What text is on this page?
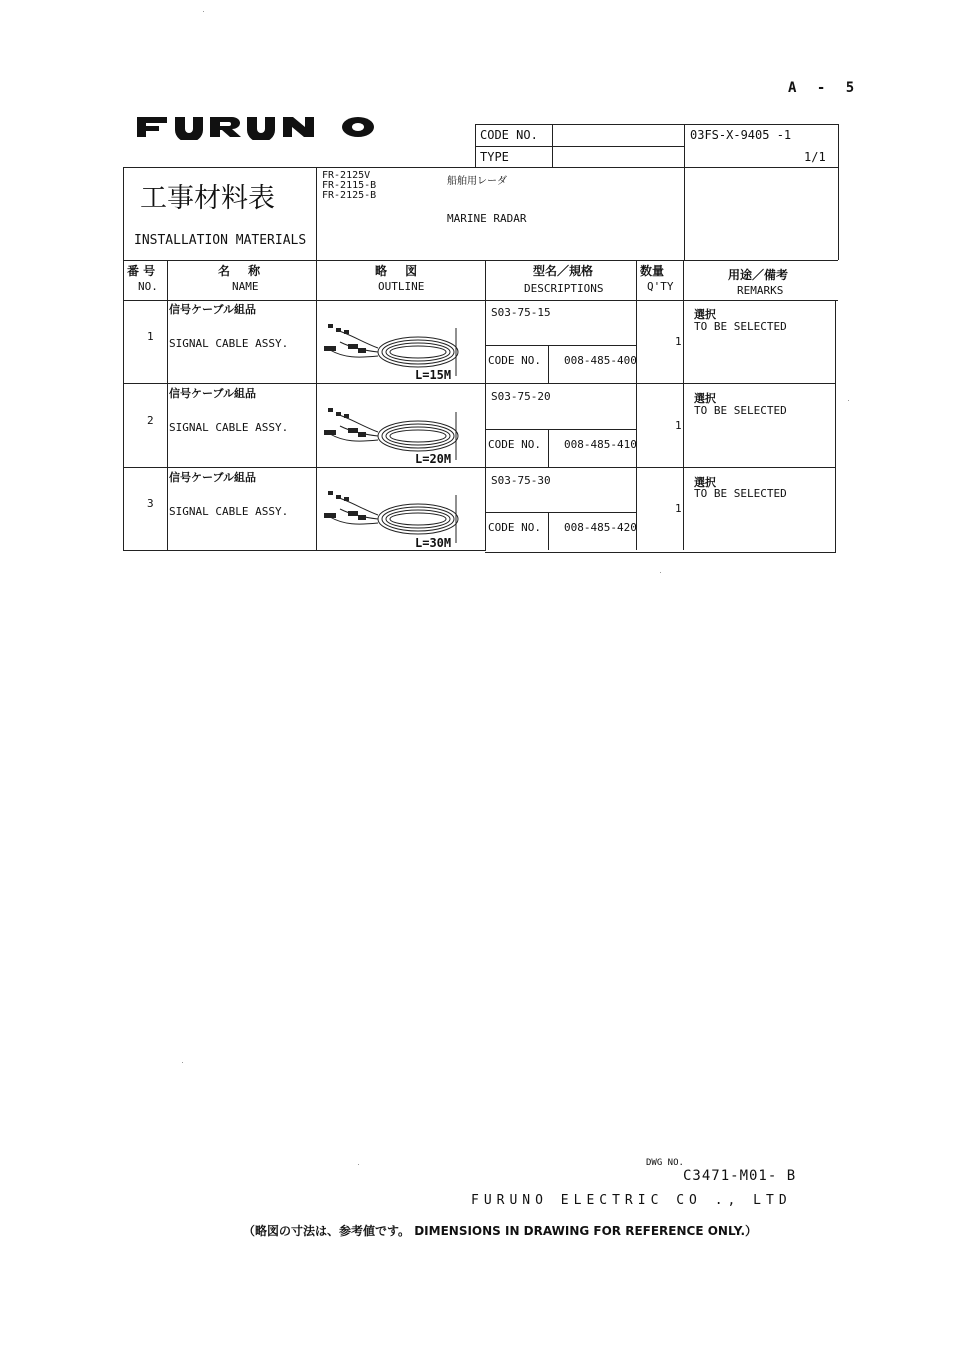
A - 5
FURUNO
CODE NO.
TYPE
03FS-X-9405 -1
1/1
工事材料表
INSTALLATION MATERIALS
FR-2125V
FR-2115-B
FR-2125-B
船舶用レーダ
MARINE RADAR
番 号
NO.
名 称
NAME
略 図
OUTLINE
型名／規格
DESCRIPTIONS
数量
Q'TY
用途／備考
REMARKS
1
信号ケーブル組品
SIGNAL CABLE ASSY.
L=15M
S03-75-15
CODE NO. 008-485-400
1
選択
TO BE SELECTED
2
信号ケーブル組品
SIGNAL CABLE ASSY.
L=20M
S03-75-20
CODE NO. 008-485-410
1
選択
TO BE SELECTED
3
信号ケーブル組品
SIGNAL CABLE ASSY.
L=30M
S03-75-30
CODE NO. 008-485-420
1
選択
TO BE SELECTED
DWG NO.
C3471-M01- B
FURUNO ELECTRIC CO ., LTD
（略図の寸法は、参考値です。 DIMENSIONS IN DRAWING FOR REFERENCE ONLY.）
